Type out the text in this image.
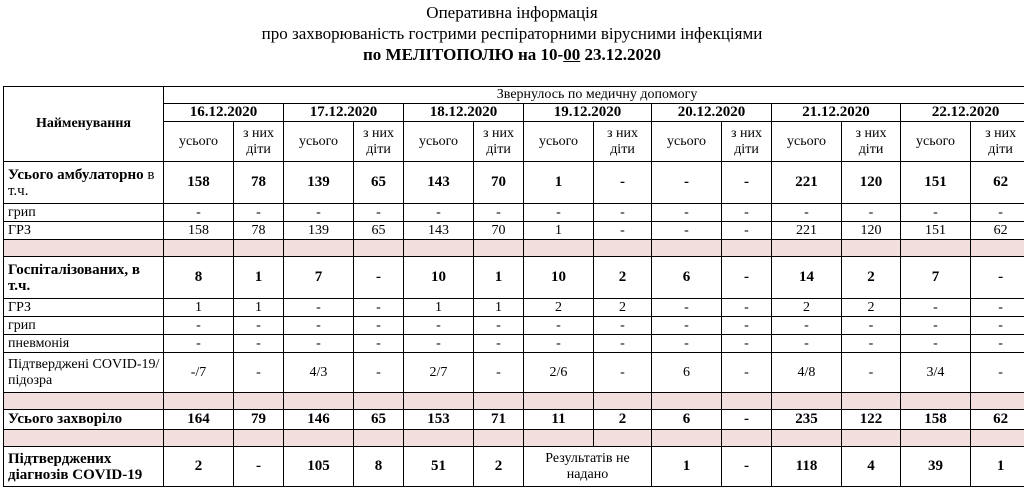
Оперативна інформація
про захворюваність гострими респіраторними вірусними інфекціями
по МЕЛІТОПОЛЮ на 10-00 23.12.2020
Найменування	Звернулось по медичну допомогу													
	16.12.2020		17.12.2020		18.12.2020		19.12.2020		20.12.2020		21.12.2020		22.12.2020	
	усього	з них діти	усього	з них діти	усього	з них діти	усього	з них діти	усього	з них діти	усього	з них діти	усього	з них діти
Усього амбулаторно в т.ч.	158	78	139	65	143	70	1	-	-	-	221	120	151	62
грип	-	-	-	-	-	-	-	-	-	-	-	-	-	-
ГРЗ	158	78	139	65	143	70	1	-	-	-	221	120	151	62

Госпіталізованих, в т.ч.	8	1	7	-	10	1	10	2	6	-	14	2	7	-
ГРЗ	1	1	-	-	1	1	2	2	-	-	2	2	-	-
грип	-	-	-	-	-	-	-	-	-	-	-	-	-	-
пневмонія	-	-	-	-	-	-	-	-	-	-	-	-	-	-
Підтверджені COVID-19/підозра	-/7	-	4/3	-	2/7	-	2/6	-	6	-	4/8	-	3/4	-

Усього захворіло	164	79	146	65	153	71	11	2	6	-	235	122	158	62

Підтверджених діагнозів COVID-19	2	-	105	8	51	2	Результатів не надано		1	-	118	4	39	1
